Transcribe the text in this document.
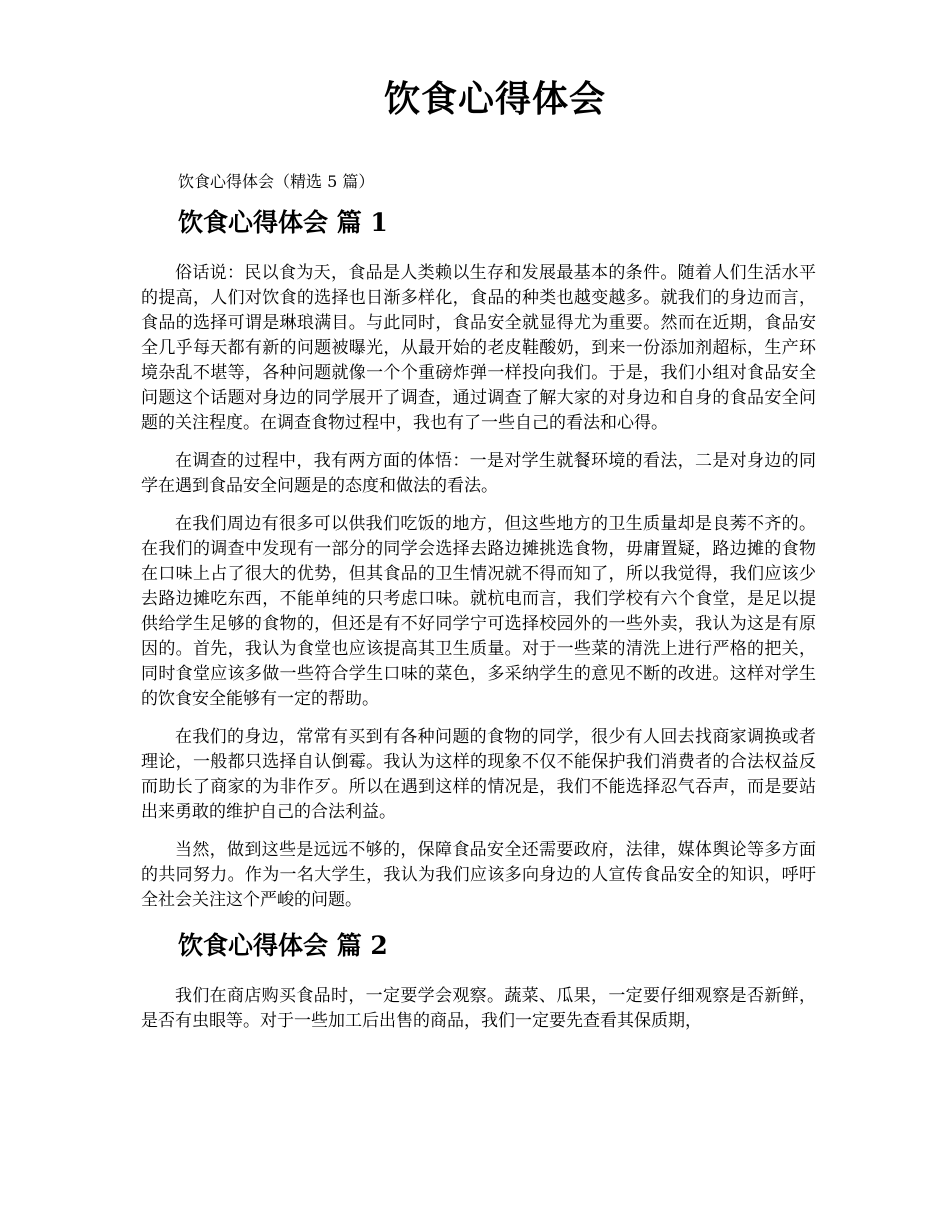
饮食心得体会

饮食心得体会（精选 5 篇）

饮食心得体会 篇 1

俗话说：民以食为天，食品是人类赖以生存和发展最基本的条件。随着人们生活水平的提高，人们对饮食的选择也日渐多样化，食品的种类也越变越多。就我们的身边而言，食品的选择可谓是琳琅满目。与此同时，食品安全就显得尤为重要。然而在近期，食品安全几乎每天都有新的问题被曝光，从最开始的老皮鞋酸奶，到来一份添加剂超标，生产环境杂乱不堪等，各种问题就像一个个重磅炸弹一样投向我们。于是，我们小组对食品安全问题这个话题对身边的同学展开了调查，通过调查了解大家的对身边和自身的食品安全问题的关注程度。在调查食物过程中，我也有了一些自己的看法和心得。

在调查的过程中，我有两方面的体悟：一是对学生就餐环境的看法，二是对身边的同学在遇到食品安全问题是的态度和做法的看法。

在我们周边有很多可以供我们吃饭的地方，但这些地方的卫生质量却是良莠不齐的。在我们的调查中发现有一部分的同学会选择去路边摊挑选食物，毋庸置疑，路边摊的食物在口味上占了很大的优势，但其食品的卫生情况就不得而知了，所以我觉得，我们应该少去路边摊吃东西，不能单纯的只考虑口味。就杭电而言，我们学校有六个食堂，是足以提供给学生足够的食物的，但还是有不好同学宁可选择校园外的一些外卖，我认为这是有原因的。首先，我认为食堂也应该提高其卫生质量。对于一些菜的清洗上进行严格的把关，同时食堂应该多做一些符合学生口味的菜色，多采纳学生的意见不断的改进。这样对学生的饮食安全能够有一定的帮助。

在我们的身边，常常有买到有各种问题的食物的同学，很少有人回去找商家调换或者理论，一般都只选择自认倒霉。我认为这样的现象不仅不能保护我们消费者的合法权益反而助长了商家的为非作歹。所以在遇到这样的情况是，我们不能选择忍气吞声，而是要站出来勇敢的维护自己的合法利益。

当然，做到这些是远远不够的，保障食品安全还需要政府，法律，媒体舆论等多方面的共同努力。作为一名大学生，我认为我们应该多向身边的人宣传食品安全的知识，呼吁全社会关注这个严峻的问题。

饮食心得体会 篇 2

我们在商店购买食品时，一定要学会观察。蔬菜、瓜果，一定要仔细观察是否新鲜，是否有虫眼等。对于一些加工后出售的商品，我们一定要先查看其保质期，
